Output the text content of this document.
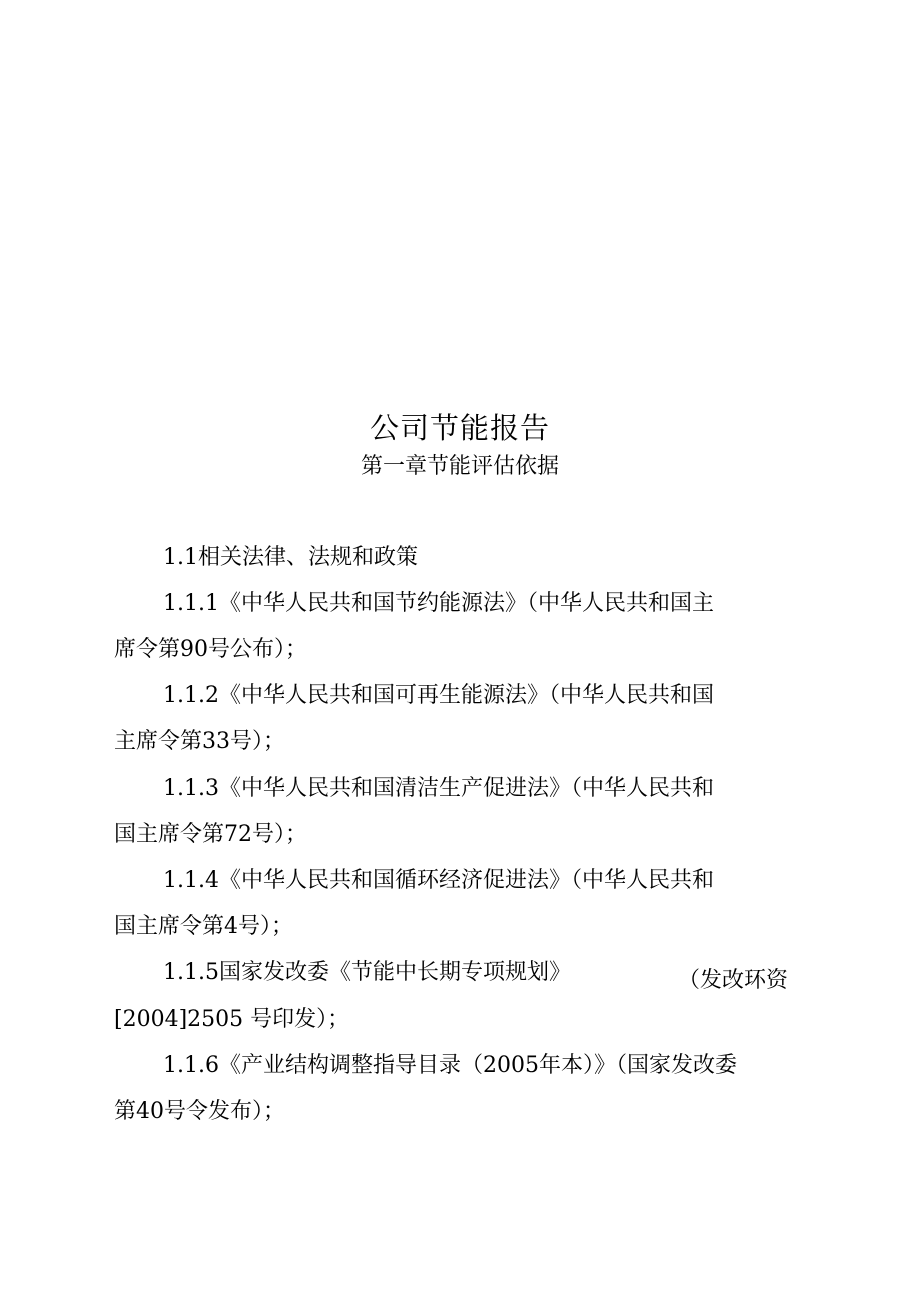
公司节能报告
第一章节能评估依据
1.1相关法律、法规和政策
1.1.1《中华人民共和国节约能源法》（中华人民共和国主
席令第90号公布）；
1.1.2《中华人民共和国可再生能源法》（中华人民共和国
主席令第33号）；
1.1.3《中华人民共和国清洁生产促进法》（中华人民共和
国主席令第72号）；
1.1.4《中华人民共和国循环经济促进法》（中华人民共和
国主席令第4号）；
1.1.5国家发改委《节能中长期专项规划》	（发改环资
[2004]2505 号印发）；
1.1.6《产业结构调整指导目录（2005年本）》（国家发改委
第40号令发布）；
